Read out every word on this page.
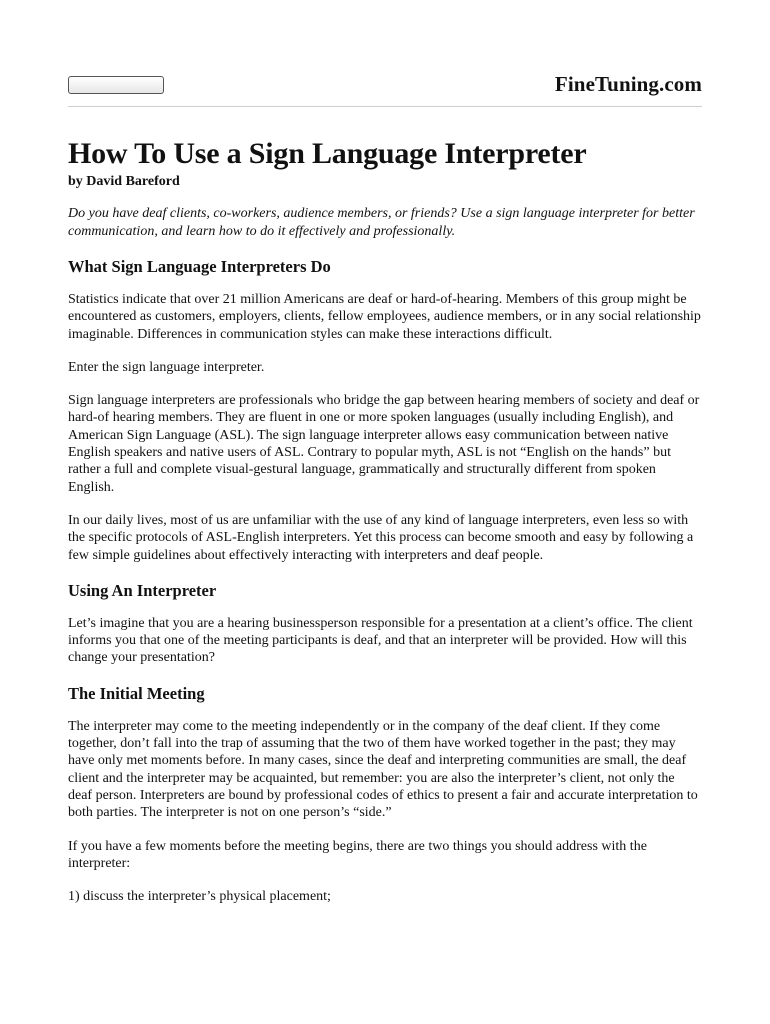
FineTuning.com
How To Use a Sign Language Interpreter
by David Bareford

Do you have deaf clients, co-workers, audience members, or friends? Use a sign language interpreter for better communication, and learn how to do it effectively and professionally.

What Sign Language Interpreters Do

Statistics indicate that over 21 million Americans are deaf or hard-of-hearing. Members of this group might be encountered as customers, employers, clients, fellow employees, audience members, or in any social relationship imaginable. Differences in communication styles can make these interactions difficult.

Enter the sign language interpreter.

Sign language interpreters are professionals who bridge the gap between hearing members of society and deaf or hard-of hearing members. They are fluent in one or more spoken languages (usually including English), and American Sign Language (ASL). The sign language interpreter allows easy communication between native English speakers and native users of ASL. Contrary to popular myth, ASL is not “English on the hands” but rather a full and complete visual-gestural language, grammatically and structurally different from spoken English.

In our daily lives, most of us are unfamiliar with the use of any kind of language interpreters, even less so with the specific protocols of ASL-English interpreters. Yet this process can become smooth and easy by following a few simple guidelines about effectively interacting with interpreters and deaf people.

Using An Interpreter

Let’s imagine that you are a hearing businessperson responsible for a presentation at a client’s office. The client informs you that one of the meeting participants is deaf, and that an interpreter will be provided. How will this change your presentation?

The Initial Meeting

The interpreter may come to the meeting independently or in the company of the deaf client. If they come together, don’t fall into the trap of assuming that the two of them have worked together in the past; they may have only met moments before. In many cases, since the deaf and interpreting communities are small, the deaf client and the interpreter may be acquainted, but remember: you are also the interpreter’s client, not only the deaf person. Interpreters are bound by professional codes of ethics to present a fair and accurate interpretation to both parties. The interpreter is not on one person’s “side.”

If you have a few moments before the meeting begins, there are two things you should address with the interpreter:

1) discuss the interpreter’s physical placement;
